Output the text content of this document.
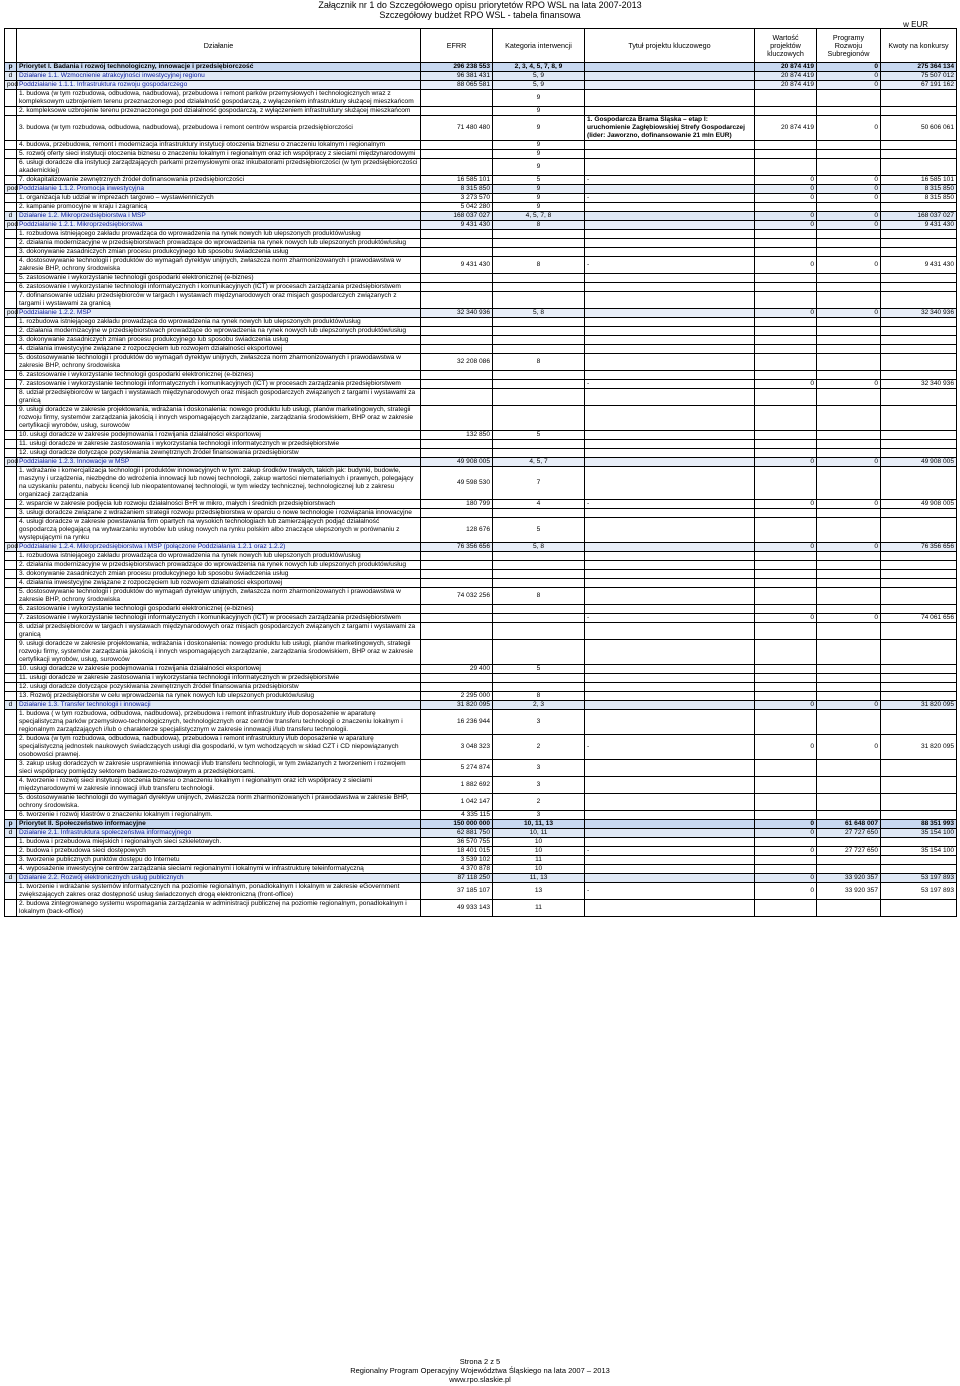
Załącznik nr 1 do Szczegółowego opisu priorytetów RPO WSL na lata 2007-2013
Szczegółowy budżet RPO WSL - tabela finansowa
w EUR
	Działanie	EFRR	Kategoria interwencji	Tytuł projektu kluczowego	Wartość projektów kluczowych	Programy Rozwoju Subregionów	Kwoty na konkursy
p	Priorytet I. Badania i rozwój technologiczny, innowacje i przedsiębiorczość	296 238 553	2, 3, 4, 5, 7, 8, 9		20 874 419	0	275 364 134
d	Działanie 1.1. Wzmocnienie atrakcyjności inwestycyjnej regionu	96 381 431	5, 9		20 874 419	0	75 507 012
pod	Poddziałanie 1.1.1. Infrastruktura rozwoju gospodarczego	88 065 581	5, 9		20 874 419	0	67 191 162
	1. budowa (w tym rozbudowa, odbudowa, nadbudowa), przebudowa i remont parków przemysłowych i technologicznych wraz z kompleksowym uzbrojeniem terenu przeznaczonego pod działalność gospodarczą, z wyłączeniem infrastruktury służącej mieszkańcom		9				
	2. kompleksowe uzbrojenie terenu przeznaczonego pod działalność gospodarczą, z wyłączeniem infrastruktury służącej mieszkańcom		9				
	3. budowa (w tym rozbudowa, odbudowa, nadbudowa), przebudowa i remont centrów wsparcia przedsiębiorczości	71 480 480	9	1. Gospodarcza Brama Śląska – etap I: uruchomienie Zagłębiowskiej Strefy Gospodarczej (lider: Jaworzno, dofinansowanie 21 mln EUR)	20 874 419	0	50 606 061
	4. budowa, przebudowa, remont i modernizacja infrastruktury instytucji otoczenia biznesu o znaczeniu lokalnym i regionalnym		9				
	5. rozwój oferty sieci instytucji otoczenia biznesu o znaczeniu lokalnym i regionalnym oraz ich wspólpracy z sieciami międzynarodowymi		9				
	6. usługi doradcze dla instytucji zarządzających parkami przemysłowymi oraz inkubatorami przedsiębiorczości (w tym przedsiębiorczości akademickiej)		9				
	7. dokapitalizowanie zewnętrznych źródeł dofinansowania przedsiębiorczości	16 585 101	5	-	0	0	16 585 101
pod	Poddziałanie 1.1.2. Promocja inwestycyjna	8 315 850	9		0	0	8 315 850
	1. organizacja lub udział w imprezach targowo – wystawienniczych	3 273 570	9	-	0	0	8 315 850
	2. kampanie promocyjne w kraju i zagranicą	5 042 280	9				
d	Działanie 1.2. Mikroprzedsiębiorstwa i MŚP	168 037 027	4, 5, 7, 8		0	0	168 037 027
pod	Poddziałanie 1.2.1. Mikroprzedsiębiorstwa	9 431 430	8		0	0	9 431 430
	1. rozbudowa istniejącego zakładu prowadząca do wprowadzenia na rynek nowych lub ulepszonych produktów/usług						
	2. działania modernizacyjne w przedsiębiorstwach prowadzące do wprowadzenia na rynek nowych lub ulepszonych produktów/usług						
	3. dokonywanie zasadniczych zmian procesu produkcyjnego lub sposobu świadczenia usług						
	4. dostosowywanie technologii i produktów do wymagań dyrektyw unijnych, zwłaszcza norm zharmonizowanych i prawodawstwa w zakresie BHP, ochrony środowiska	9 431 430	8	-	0	0	9 431 430
	5. zastosowanie i wykorzystanie technologii gospodarki elektronicznej (e-biznes)						
	6. zastosowanie i wykorzystanie technologii informatycznych i komunikacyjnych (ICT) w procesach zarządzania przedsiębiorstwem						
	7. dofinansowanie udziału przedsiębiorców w targach i wystawach międzynarodowych oraz misjach gospodarczych związanych z targami i wystawami za granicą						
pod	Poddziałanie 1.2.2. MSP	32 340 936	5, 8		0	0	32 340 936
	1. rozbudowa istniejącego zakładu prowadząca do wprowadzenia na rynek nowych lub ulepszonych produktów/usług						
	2. działania modernizacyjne w przedsiębiorstwach prowadzące do wprowadzenia na rynek nowych lub ulepszonych produktów/usług						
	3. dokonywanie zasadniczych zmian procesu produkcyjnego lub sposobu świadczenia usług						
	4. działania inwestycyjne związane z rozpoczęciem lub rozwojem działalności eksportowej						
	5. dostosowywanie technologii i produktów do wymagań dyrektyw unijnych, zwłaszcza norm zharmonizowanych i prawodawstwa w zakresie BHP, ochrony środowiska	32 208 086	8				
	6. zastosowanie i wykorzystanie technologii gospodarki elektronicznej (e-biznes)						
	7. zastosowanie i wykorzystanie technologii informatycznych i komunikacyjnych (ICT) w procesach zarządzania przedsiębiorstwem			-	0	0	32 340 936
	8. udział przedsiębiorców w targach i wystawach międzynarodowych oraz misjach gospodarczych związanych z targami i wystawami za granicą						
	9. usługi doradcze w zakresie projektowania, wdrażania i doskonalenia: nowego produktu lub usługi, planów marketingowych, strategii rozwoju firmy, systemów zarządzania jakością i innych wspomagających zarządzanie, zarządzania środowiskiem, BHP oraz w zakresie certyfikacji wyrobów, usług, surowców						
	10. usługi doradcze w zakresie podejmowania i rozwijania działalności eksportowej	132 850	5				
	11. usługi doradcze w zakresie zastosowania i wykorzystania technologii informatycznych w przedsiębiorstwie						
	12. usługi doradcze dotyczące pozyskiwania zewnętrznych źródeł finansowania przedsiębiorstw						
pod	Poddziałanie 1.2.3. Innowacje w MSP	49 908 005	4, 5, 7		0	0	49 908 005
	1. wdrażanie i komercjalizacja technologii i produktów innowacyjnych w tym: zakup środków trwałych, takich jak: budynki, budowle, maszyny i urządzenia, niezbędne do wdrożenia innowacji lub nowej technologii, zakup wartości niematerialnych i prawnych, polegający na uzyskaniu patentu, nabyciu licencji lub nieopatentowanej technologii, w tym wiedzy technicznej, technologicznej lub z zakresu organizacji zarządzania	49 598 530	7				
	2. wsparcie w zakresie podjęcia lub rozwoju działalności B+R w mikro, małych i średnich przedsiębiorstwach	180 799	4	-	0	0	49 908 005
	3. usługi doradcze związane z wdrażaniem strategii rozwoju przedsiębiorstwa w oparciu o nowe technologie i rozwiązania innowacyjne						
	4. usługi doradcze w zakresie powstawania firm opartych na wysokich technologiach lub zamierzających podjąć działalność gospodarczą polegającą na wytwarzaniu wyrobów lub usług nowych na rynku polskim albo znaczące ulepszonych w porównaniu z występującymi na rynku	128 676	5				
pod	Poddziałanie 1.2.4. Mikroprzedsiębiorstwa i MŚP (połączone Poddziałania 1.2.1 oraz 1.2.2)	76 356 656	5, 8		0	0	76 356 656
	1. rozbudowa istniejącego zakładu prowadząca do wprowadzenia na rynek nowych lub ulepszonych produktów/usług						
	2. działania modernizacyjne w przedsiębiorstwach prowadzące do wprowadzenia na rynek nowych lub ulepszonych produktów/usług						
	3. dokonywanie zasadniczych zmian procesu produkcyjnego lub sposobu świadczenia usług						
	4. działania inwestycyjne związane z rozpoczęciem lub rozwojem działalności eksportowej						
	5. dostosowywanie technologii i produktów do wymagań dyrektyw unijnych, zwłaszcza norm zharmonizowanych i prawodawstwa w zakresie BHP, ochrony środowiska	74 032 256	8				
	6. zastosowanie i wykorzystanie technologii gospodarki elektronicznej (e-biznes)						
	7. zastosowanie i wykorzystanie technologii informatycznych i komunikacyjnych (ICT) w procesach zarządzania przedsiębiorstwem			-	0	0	74 061 656
	8. udział przedsiębiorców w targach i wystawach międzynarodowych oraz misjach gospodarczych związanych z targami i wystawami za granicą						
	9. usługi doradcze w zakresie projektowania, wdrażania i doskonalenia: nowego produktu lub usługi, planów marketingowych, strategii rozwoju firmy, systemów zarządzania jakością i innych wspomagających zarządzanie, zarządzania środowiskiem, BHP oraz w zakresie certyfikacji wyrobów, usług, surowców						
	10. usługi doradcze w zakresie podejmowania i rozwijania działalności eksportowej	29 400	5				
	11. usługi doradcze w zakresie zastosowania i wykorzystania technologii informatycznych w przedsiębiorstwie						
	12. usługi doradcze dotyczące pozyskiwania zewnętrznych źródeł finansowania przedsiębiorstw						
	13. Rozwój przedsiębiorstw w celu wprowadzenia na rynek nowych lub ulepszonych produktów/usług	2 295 000	8				
d	Działanie 1.3. Transfer technologii i innowacji	31 820 095	2, 3		0	0	31 820 095
	1. budowa ( w tym rozbudowa, odbudowa, nadbudowa), przebudowa i remont infrastruktury i/lub doposażenie w aparaturę specjalistyczną parków przemysłowo-technologicznych, technologicznych oraz centrów transferu technologii o znaczeniu lokalnym i regionalnym zarządzających i/lub o charakterze specjalistycznym w zakresie innowacji i/lub transferu technologii.	16 236 944	3				
	2. budowa (w tym rozbudowa, odbudowa, nadbudowa), przebudowa i remont infrastruktury i/lub doposażenie w aparaturę specjalistyczną jednostek naukowych świadczących usługi dla gospodarki, w tym wchodzących w skład CZT i CD niepowiązanych osobowości prawnej.	3 048 323	2	-	0	0	31 820 095
	3. zakup usług doradczych w zakresie usprawnienia innowacji i/lub transferu technologii, w tym zwiazanych z tworzeniem i rozwojem sieci współpracy pomiędzy sektorem badawczo-rozwojowym a przedsiębiorcami.	5 274 874	3				
	4. tworzenie i rozwój sieci instytucji otoczenia biznesu o znaczeniu lokalnym i regionalnym oraz ich współpracy z sieciami międzynarodowymi w zakresie innowacji i/lub transferu technologii.	1 882 692	3				
	5. dostosowywanie technologii do wymagań dyrektyw unijnych, zwłaszcza norm zharmonizowanych i prawodawstwa w zakresie BHP, ochrony środowiska.	1 042 147	2				
	6. tworzenie i rozwój klastrów o znaczeniu lokalnym i regionalnym.	4 335 115	3				
p	Priorytet II. Społeczeństwo informacyjne	150 000 000	10, 11, 13		0	61 648 007	88 351 993
d	Działanie 2.1. Infrastruktura społeczeństwa informacyjnego	62 881 750	10, 11		0	27 727 650	35 154 100
	1. budowa i przebudowa miejskich i regionalnych sieci szkieletowych.	36 570 755	10				
	2. budowa i przebudowa sieci dostępowych	18 401 015	10	-	0	27 727 650	35 154 100
	3. tworzenie publicznych punktów dostępu do Internetu	3 539 102	11				
	4. wyposażenie inwestycyjne centrów zarządzania sieciami regionalnymi i lokalnymi w infrastrukturę teleinformatyczną	4 370 878	10				
d	Działanie 2.2. Rozwój elektronicznych usług publicznych	87 118 250	11, 13		0	33 920 357	53 197 893
	1. tworzenie i wdrażanie systemów informatycznych na poziomie regionalnym, ponadlokalnym i lokalnym w zakresie eGovernment zwiększających zakres oraz dostępność usług świadczonych drogą elektroniczną (front-office)	37 185 107	13	-	0	33 920 357	53 197 893
	2. budowa zintegrowanego systemu wspomagania zarządzania w administracji publicznej na poziomie regionalnym, ponadlokalnym i lokalnym (back-office)	49 933 143	11				
Strona 2 z 5
Regionalny Program Operacyjny Województwa Śląskiego na lata 2007 – 2013
www.rpo.slaskie.pl
